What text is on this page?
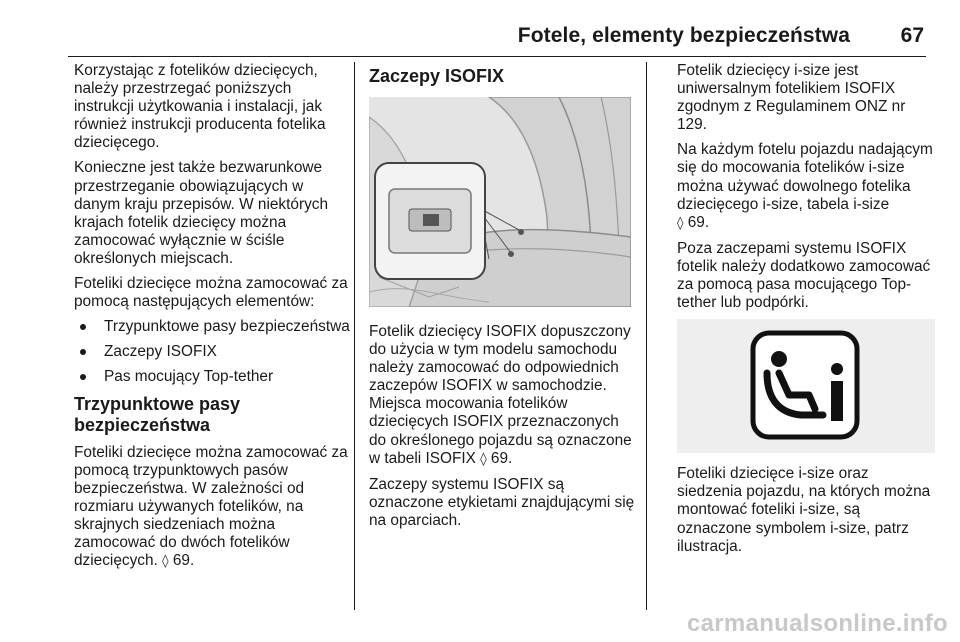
Fotele, elementy bezpieczeństwa 67

Korzystając z fotelików dziecięcych, należy przestrzegać poniższych instrukcji użytkowania i instalacji, jak również instrukcji producenta fotelika dziecięcego.

Konieczne jest także bezwarunkowe przestrzeganie obowiązujących w danym kraju przepisów. W niektórych krajach fotelik dziecięcy można zamocować wyłącznie w ściśle określonych miejscach.

Foteliki dziecięce można zamocować za pomocą następujących elementów:

Trzypunktowe pasy bezpieczeństwa
Zaczepy ISOFIX
Pas mocujący Top-tether
Trzypunktowe pasy bezpieczeństwa

Foteliki dziecięce można zamocować za pomocą trzypunktowych pasów bezpieczeństwa. W zależności od rozmiaru używanych fotelików, na skrajnych siedzeniach można zamocować do dwóch fotelików dziecięcych. ◊ 69.

Zaczepy ISOFIX

Fotelik dziecięcy ISOFIX dopuszczony do użycia w tym modelu samochodu należy zamocować do odpowiednich zaczepów ISOFIX w samochodzie. Miejsca mocowania fotelików dziecięcych ISOFIX przeznaczonych do określonego pojazdu są oznaczone w tabeli ISOFIX ◊ 69.

Zaczepy systemu ISOFIX są oznaczone etykietami znajdującymi się na oparciach.

Fotelik dziecięcy i-size jest uniwersalnym fotelikiem ISOFIX zgodnym z Regulaminem ONZ nr 129.

Na każdym fotelu pojazdu nadającym się do mocowania fotelików i-size można używać dowolnego fotelika dziecięcego i-size, tabela i-size
◊ 69.

Poza zaczepami systemu ISOFIX fotelik należy dodatkowo zamocować za pomocą pasa mocującego Top-tether lub podpórki.

Foteliki dziecięce i-size oraz siedzenia pojazdu, na których można montować foteliki i-size, są oznaczone symbolem i-size, patrz ilustracja.

carmanualsonline.info
